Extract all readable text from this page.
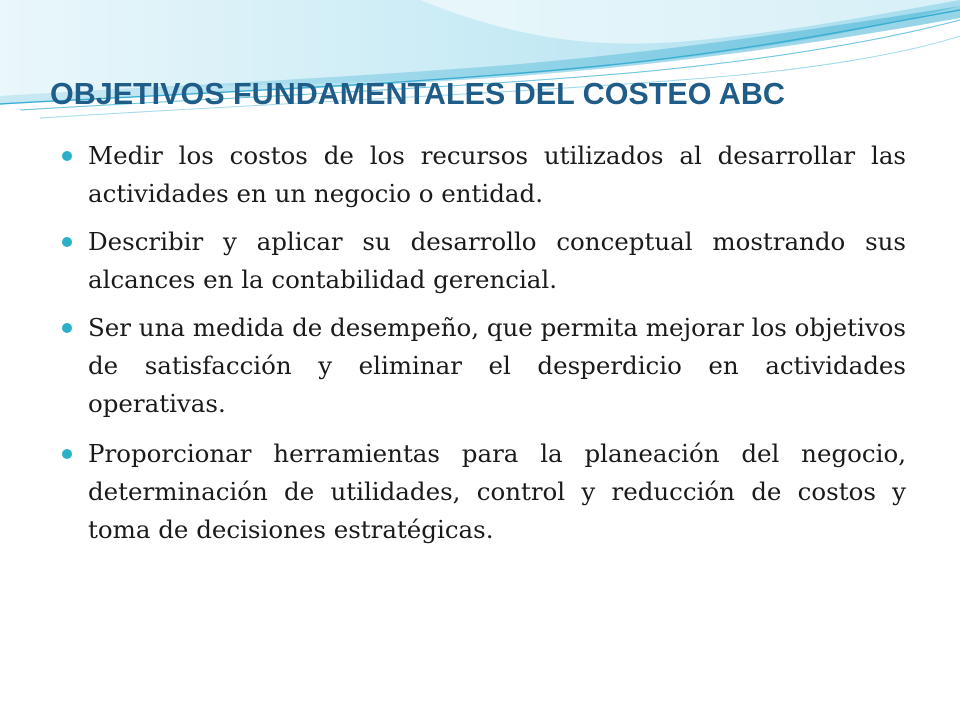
OBJETIVOS FUNDAMENTALES DEL COSTEO ABC
Medir los costos de los recursos utilizados al desarrollar las actividades en un negocio o entidad.
Describir y aplicar su desarrollo conceptual mostrando sus alcances en la contabilidad gerencial.
Ser una medida de desempeño, que permita mejorar los objetivos de satisfacción y eliminar el desperdicio en actividades operativas.
Proporcionar herramientas para la planeación del negocio, determinación de utilidades, control y reducción de costos y toma de decisiones estratégicas.
